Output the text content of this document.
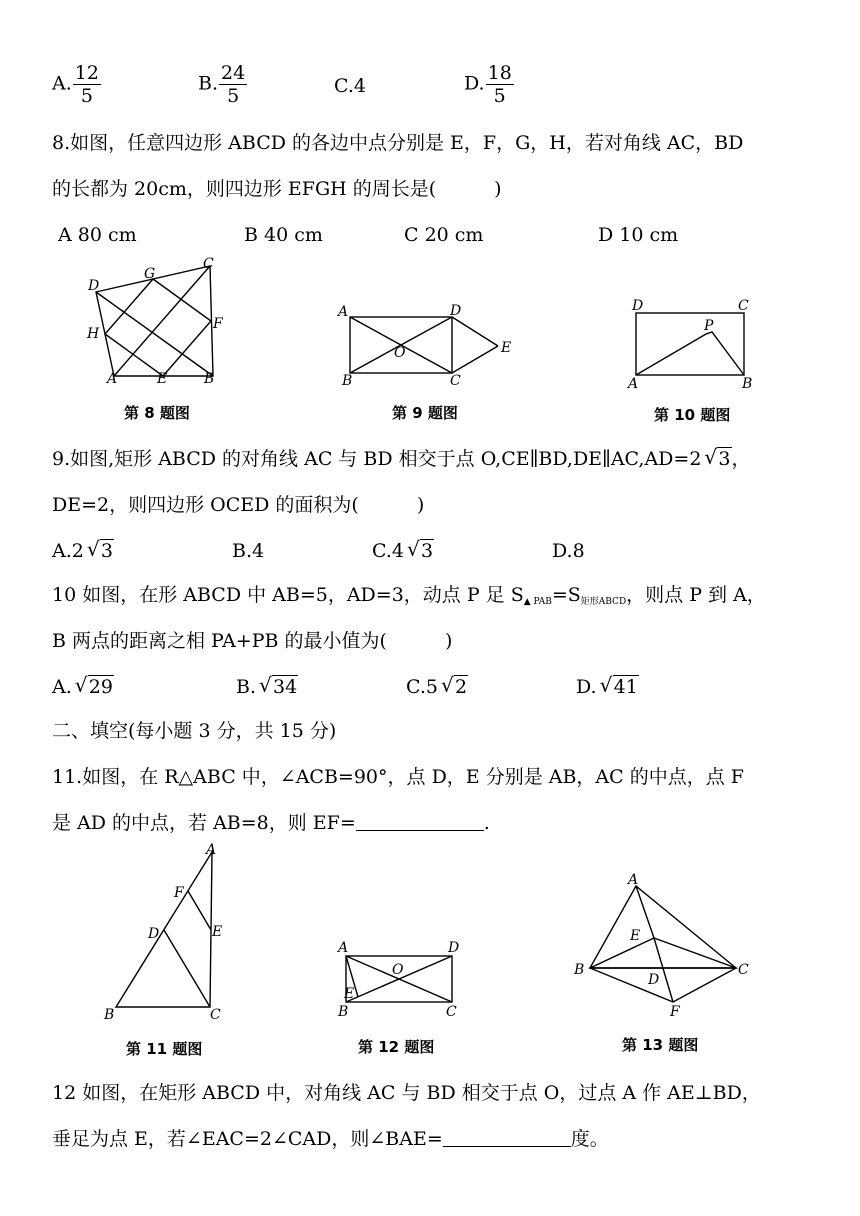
A. $\frac{12}{5}$	B. $\frac{24}{5}$	C.4	D. $\frac{18}{5}$
8.如图，任意四边形 ABCD 的各边中点分别是 E，F，G，H，若对角线 AC，BD
的长都为 20cm，则四边形 EFGH 的周长是(	)
A 80 cm	B 40 cm	C 20 cm	D 10 cm
D
G
C
H
F
A	E	B
A	D
O	E
B	C
D	C
P
A	B
第 8 题图	第 9 题图	第 10 题图
9.如图,矩形 ABCD 的对角线 AC 与 BD 相交于点 O,CE∥BD,DE∥AC,AD=2 √ 3，
DE=2，则四边形 OCED 的面积为(	)
A.2 √ 3	B.4	C.4 √ 3	D.8
10 如图，在形 ABCD 中 AB=5，AD=3，动点 P 足 $S_{▲ PAB}=S_{矩形ABCD}$，则点 P 到 A，
B 两点的距离之相 PA+PB 的最小值为(	)
A. √ 29	B. √ 34	C.5 √ 2	D. √ 41
二、填空(每小题 3 分，共 15 分)
11.如图，在 R△ABC 中，∠ACB=90°，点 D，E 分别是 AB，AC 的中点，点 F
是 AD 的中点，若 AB=8，则 EF=	.
A
F
D	E
B	C
A	D
O
E
B	C
A
E
B
D
C
F
第 11 题图	第 12 题图	第 13 题图
12 如图，在矩形 ABCD 中，对角线 AC 与 BD 相交于点 O，过点 A 作 AE⊥BD，
垂足为点 E，若∠EAC=2∠CAD，则∠BAE=	度。
